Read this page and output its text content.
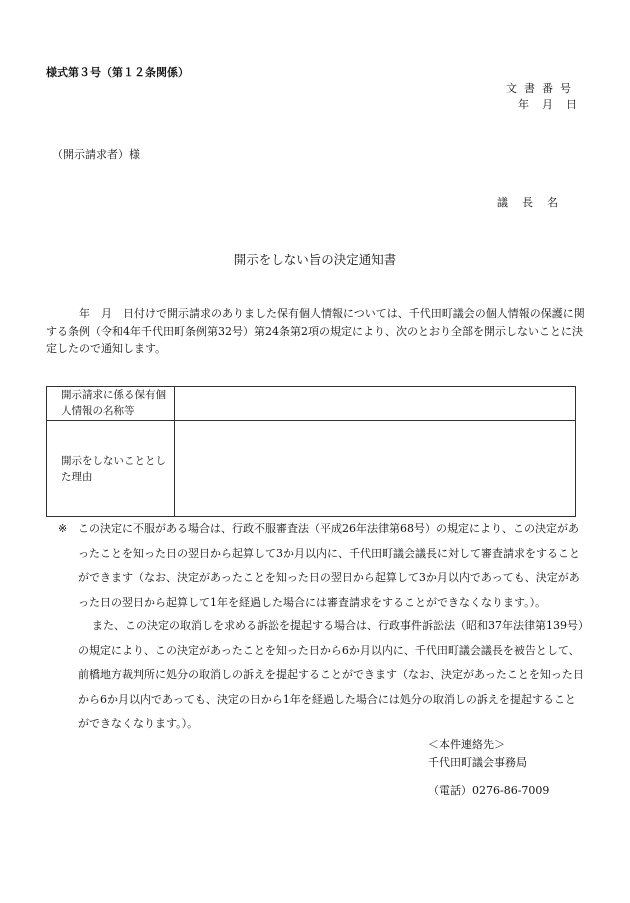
様式第３号（第１２条関係）
文書番号
年　月　日
（開示請求者）様
議長名
開示をしない旨の決定通知書
年　月　日付けで開示請求のありました保有個人情報については、千代田町議会の個人情報の保護に関する条例（令和4年千代田町条例第32号）第24条第2項の規定により、次のとおり全部を開示しないことに決定したので通知します。
開示請求に係る保有個人情報の名称等	
開示をしないこととした理由	
※ この決定に不服がある場合は、行政不服審査法（平成26年法律第68号）の規定により、この決定があったことを知った日の翌日から起算して3か月以内に、千代田町議会議長に対して審査請求をすることができます（なお、決定があったことを知った日の翌日から起算して3か月以内であっても、決定があった日の翌日から起算して1年を経過した場合には審査請求をすることができなくなります。）。
また、この決定の取消しを求める訴訟を提起する場合は、行政事件訴訟法（昭和37年法律第139号）の規定により、この決定があったことを知った日から6か月以内に、千代田町議会議長を被告として、前橋地方裁判所に処分の取消しの訴えを提起することができます（なお、決定があったことを知った日から6か月以内であっても、決定の日から1年を経過した場合には処分の取消しの訴えを提起することができなくなります。）。
＜本件連絡先＞
千代田町議会事務局
（電話）0276-86-7009
